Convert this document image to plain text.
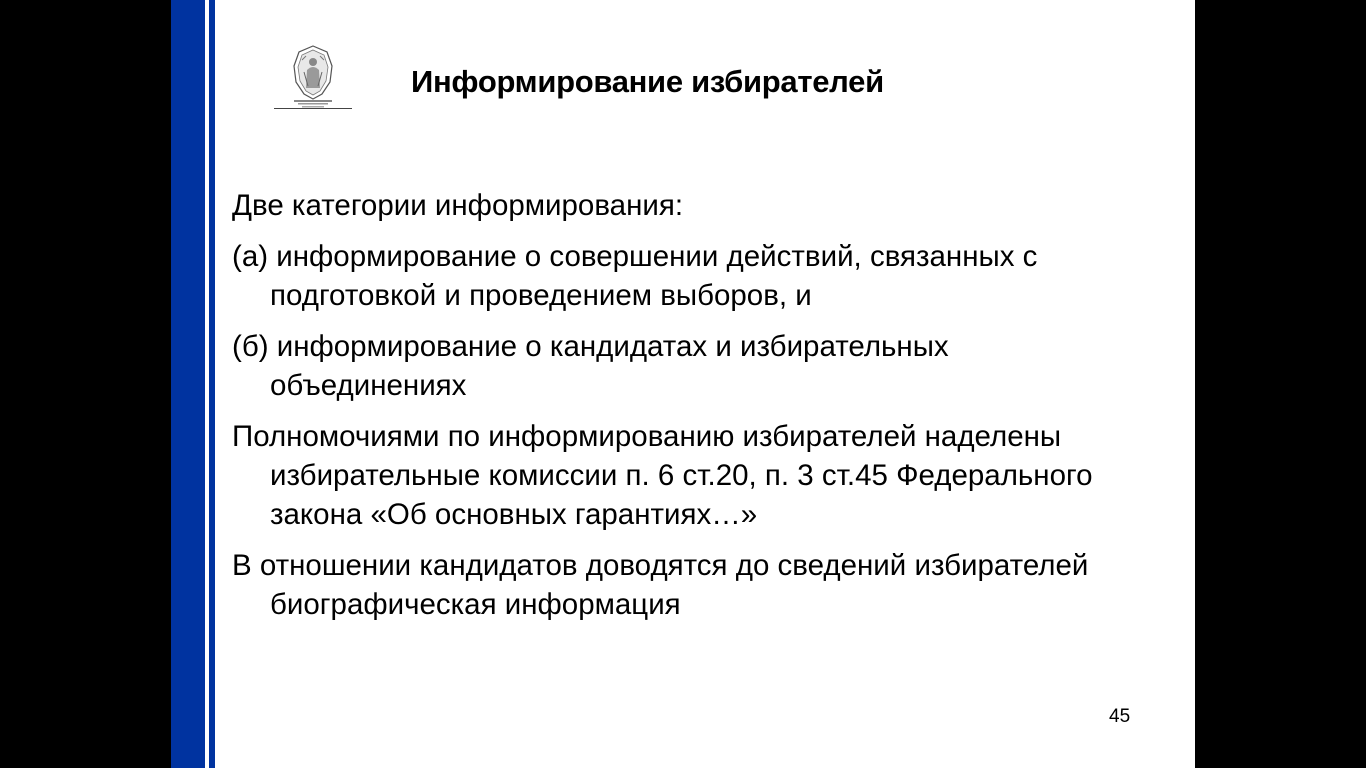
Информирование избирателей

Две категории информирования:

(а) информирование о совершении действий, связанных с подготовкой и проведением выборов, и

(б) информирование о кандидатах и избирательных объединениях

Полномочиями по информированию избирателей наделены избирательные комиссии п. 6 ст.20, п. 3 ст.45 Федерального закона «Об основных гарантиях…»

В отношении кандидатов доводятся до сведений избирателей биографическая информация

45
